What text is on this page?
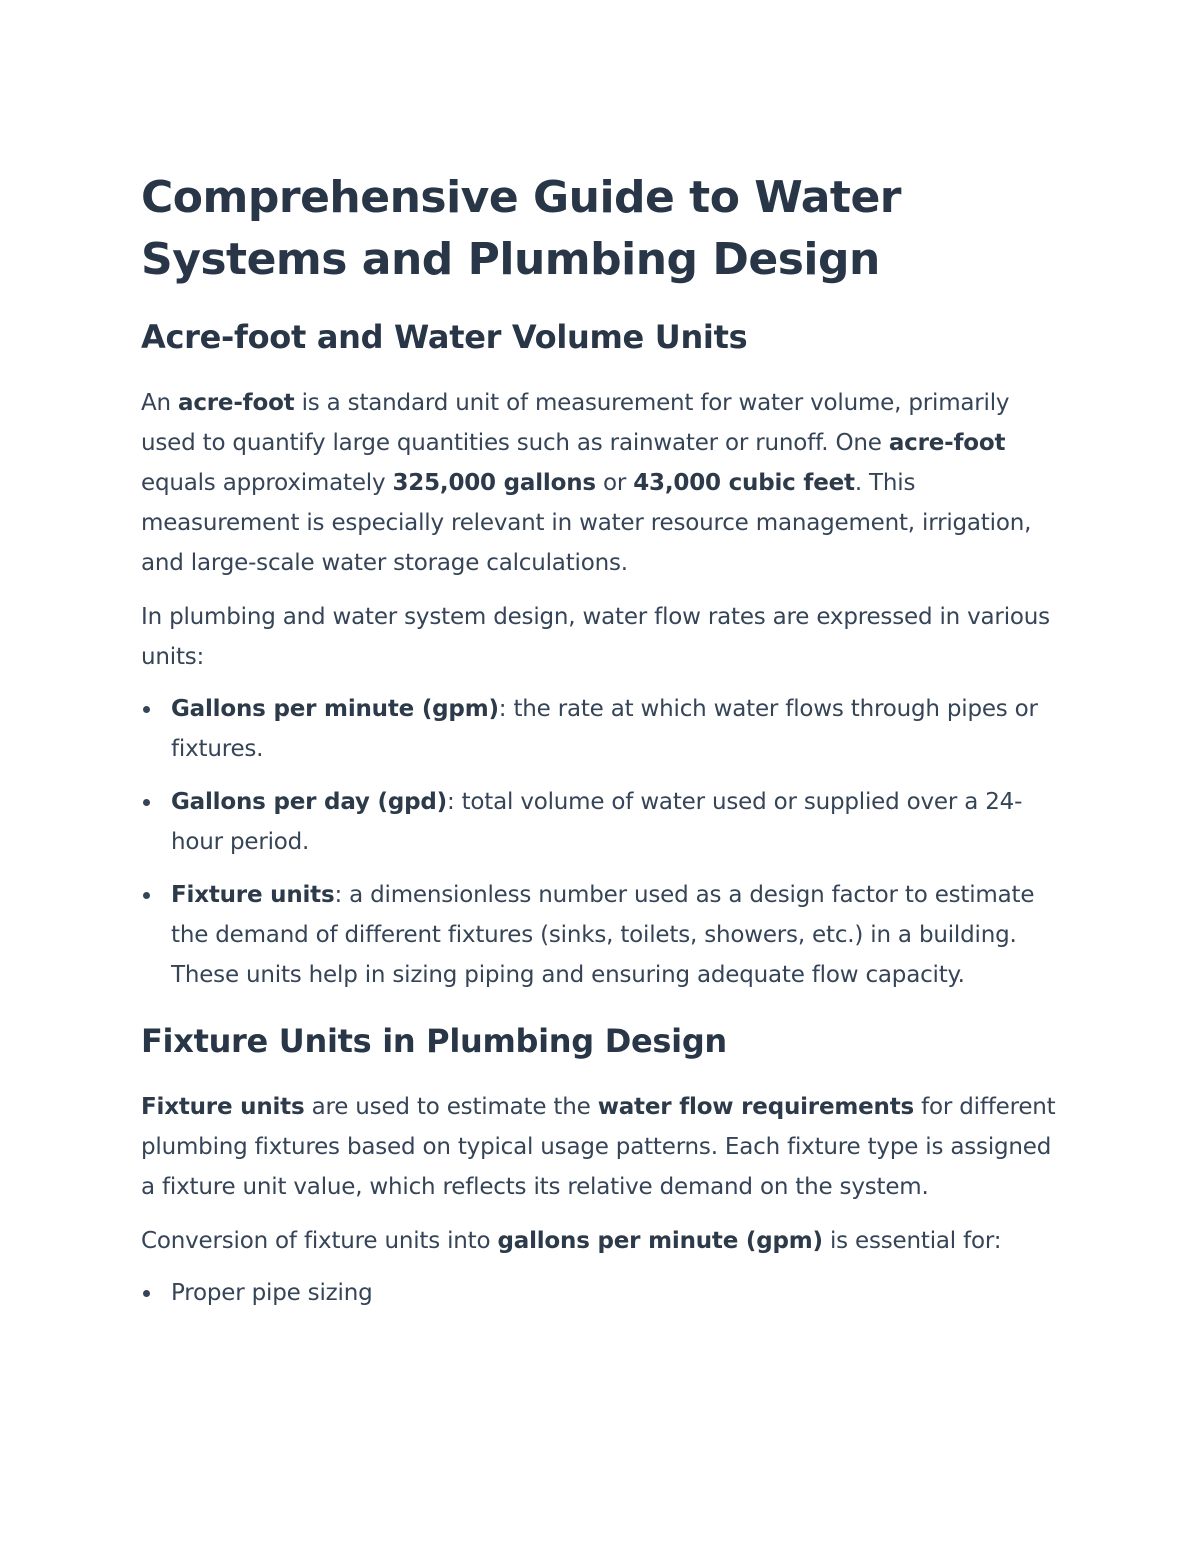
Comprehensive Guide to Water Systems and Plumbing Design
Acre-foot and Water Volume Units

An acre-foot is a standard unit of measurement for water volume, primarily used to quantify large quantities such as rainwater or runoff. One acre-foot equals approximately 325,000 gallons or 43,000 cubic feet. This measurement is especially relevant in water resource management, irrigation, and large-scale water storage calculations.

In plumbing and water system design, water flow rates are expressed in various units:

Gallons per minute (gpm): the rate at which water flows through pipes or fixtures.
Gallons per day (gpd): total volume of water used or supplied over a 24-hour period.
Fixture units: a dimensionless number used as a design factor to estimate the demand of different fixtures (sinks, toilets, showers, etc.) in a building. These units help in sizing piping and ensuring adequate flow capacity.
Fixture Units in Plumbing Design

Fixture units are used to estimate the water flow requirements for different plumbing fixtures based on typical usage patterns. Each fixture type is assigned a fixture unit value, which reflects its relative demand on the system.

Conversion of fixture units into gallons per minute (gpm) is essential for:

Proper pipe sizing
